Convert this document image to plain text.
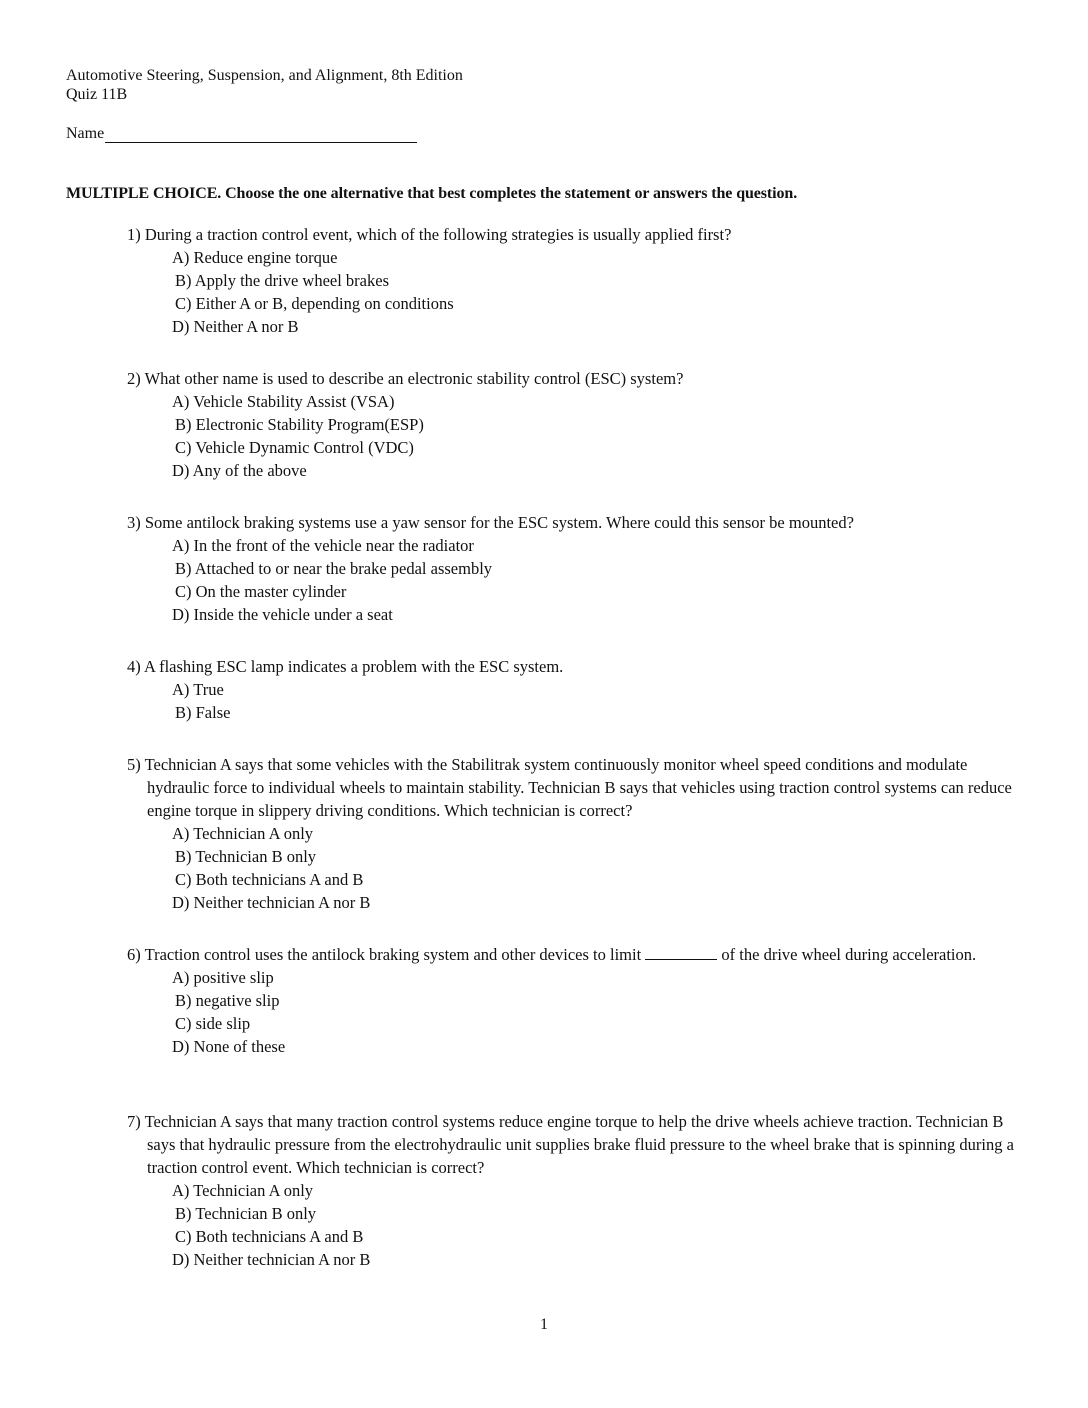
Automotive Steering, Suspension, and Alignment, 8th Edition
Quiz 11B
Name
MULTIPLE CHOICE. Choose the one alternative that best completes the statement or answers the question.
1) During a traction control event, which of the following strategies is usually applied first?
A) Reduce engine torque
B) Apply the drive wheel brakes
C) Either A or B, depending on conditions
D) Neither A nor B
2) What other name is used to describe an electronic stability control (ESC) system?
A) Vehicle Stability Assist (VSA)
B) Electronic Stability Program(ESP)
C) Vehicle Dynamic Control (VDC)
D) Any of the above
3) Some antilock braking systems use a yaw sensor for the ESC system. Where could this sensor be mounted?
A) In the front of the vehicle near the radiator
B) Attached to or near the brake pedal assembly
C) On the master cylinder
D) Inside the vehicle under a seat
4) A flashing ESC lamp indicates a problem with the ESC system.
A) True
B) False
5) Technician A says that some vehicles with the Stabilitrak system continuously monitor wheel speed conditions and modulate hydraulic force to individual wheels to maintain stability. Technician B says that vehicles using traction control systems can reduce engine torque in slippery driving conditions. Which technician is correct?
A) Technician A only
B) Technician B only
C) Both technicians A and B
D) Neither technician A nor B
6) Traction control uses the antilock braking system and other devices to limit	of the drive wheel during acceleration.
A) positive slip
B) negative slip
C) side slip
D) None of these
7) Technician A says that many traction control systems reduce engine torque to help the drive wheels achieve traction. Technician B says that hydraulic pressure from the electrohydraulic unit supplies brake fluid pressure to the wheel brake that is spinning during a traction control event. Which technician is correct?
A) Technician A only
B) Technician B only
C) Both technicians A and B
D) Neither technician A nor B
1
